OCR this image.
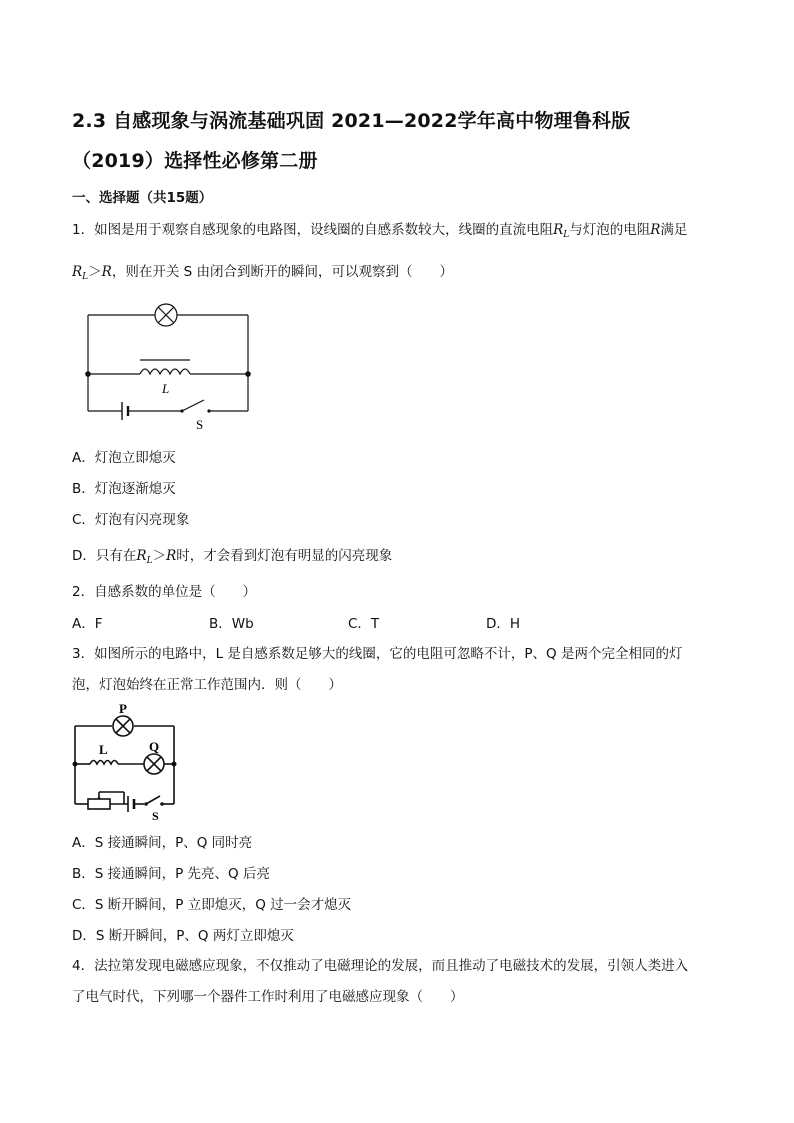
2.3 自感现象与涡流基础巩固 2021—2022学年高中物理鲁科版
（2019）选择性必修第二册
一、选择题（共15题）
1．如图是用于观察自感现象的电路图，设线圈的自感系数较大，线圈的直流电阻$R_L$与灯泡的电阻R满足
$R_L>R$，则在开关 S 由闭合到断开的瞬间，可以观察到（　　）
L
S
A．灯泡立即熄灭
B．灯泡逐渐熄灭
C．灯泡有闪亮现象
D．只有在$R_L>R$时，才会看到灯泡有明显的闪亮现象
2．自感系数的单位是（　　）
A．F	B．Wb	C．T	D．H
3．如图所示的电路中，L 是自感系数足够大的线圈，它的电阻可忽略不计，P、Q 是两个完全相同的灯
泡，灯泡始终在正常工作范围内．则（　　）
P
L	Q
S
A．S 接通瞬间，P、Q 同时亮
B．S 接通瞬间，P 先亮、Q 后亮
C．S 断开瞬间，P 立即熄灭，Q 过一会才熄灭
D．S 断开瞬间，P、Q 两灯立即熄灭
4．法拉第发现电磁感应现象，不仅推动了电磁理论的发展，而且推动了电磁技术的发展，引领人类进入
了电气时代，下列哪一个器件工作时利用了电磁感应现象（　　）
